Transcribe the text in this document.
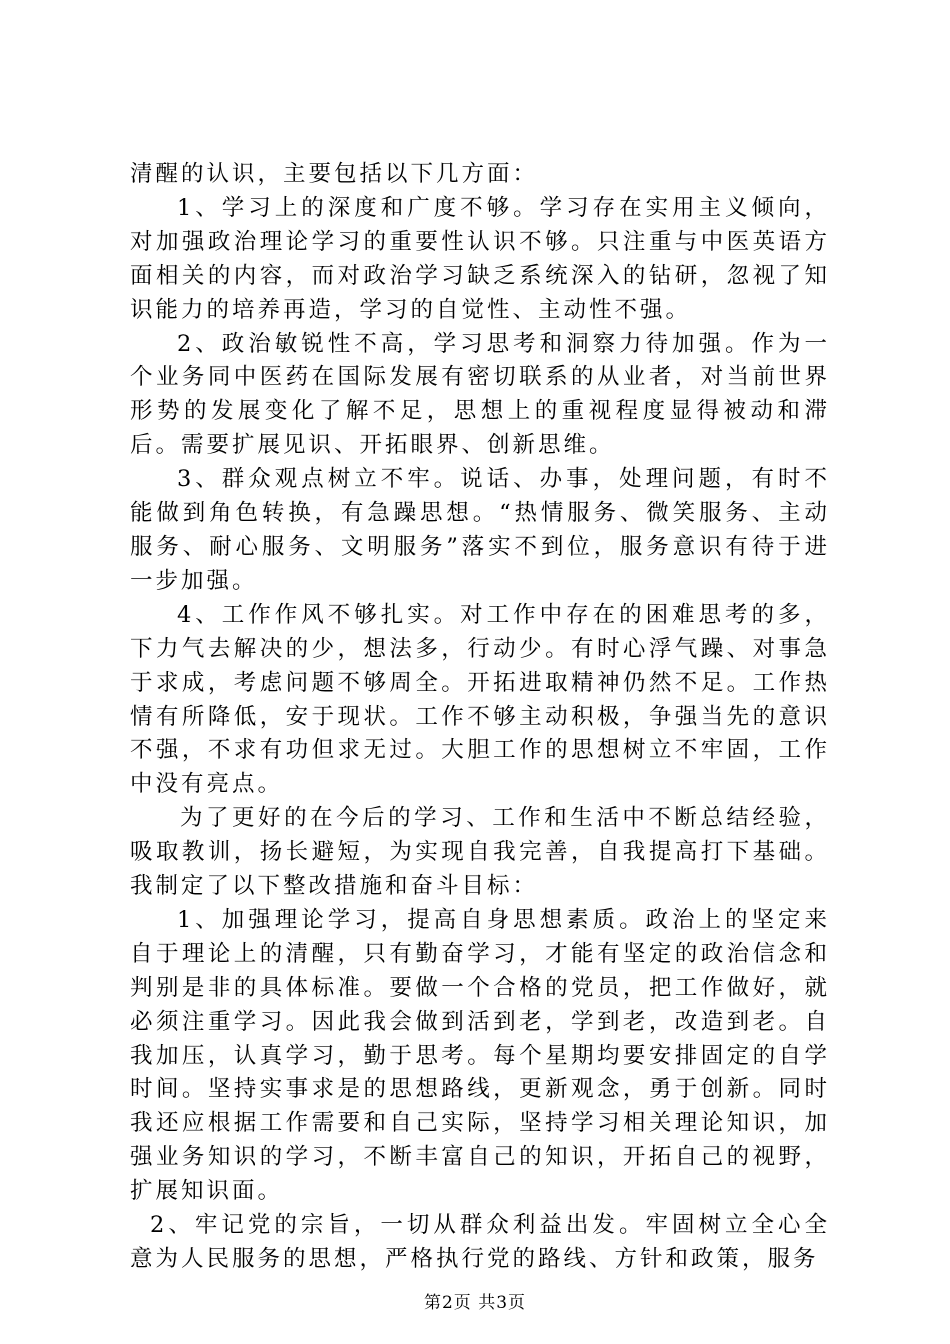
清醒的认识，主要包括以下几方面：

1、学习上的深度和广度不够。学习存在实用主义倾向，对加强政治理论学习的重要性认识不够。只注重与中医英语方面相关的内容，而对政治学习缺乏系统深入的钻研，忽视了知识能力的培养再造，学习的自觉性、主动性不强。

2、政治敏锐性不高，学习思考和洞察力待加强。作为一个业务同中医药在国际发展有密切联系的从业者，对当前世界形势的发展变化了解不足，思想上的重视程度显得被动和滞后。需要扩展见识、开拓眼界、创新思维。

3、群众观点树立不牢。说话、办事，处理问题，有时不能做到角色转换，有急躁思想。“热情服务、微笑服务、主动服务、耐心服务、文明服务”落实不到位，服务意识有待于进一步加强。

4、工作作风不够扎实。对工作中存在的困难思考的多，下力气去解决的少，想法多，行动少。有时心浮气躁、对事急于求成，考虑问题不够周全。开拓进取精神仍然不足。工作热情有所降低，安于现状。工作不够主动积极，争强当先的意识不强，不求有功但求无过。大胆工作的思想树立不牢固，工作中没有亮点。

为了更好的在今后的学习、工作和生活中不断总结经验，吸取教训，扬长避短，为实现自我完善，自我提高打下基础。我制定了以下整改措施和奋斗目标：

1、加强理论学习，提高自身思想素质。政治上的坚定来自于理论上的清醒，只有勤奋学习，才能有坚定的政治信念和判别是非的具体标准。要做一个合格的党员，把工作做好，就必须注重学习。因此我会做到活到老，学到老，改造到老。自我加压，认真学习，勤于思考。每个星期均要安排固定的自学时间。坚持实事求是的思想路线，更新观念，勇于创新。同时我还应根据工作需要和自己实际，坚持学习相关理论知识，加强业务知识的学习，不断丰富自己的知识，开拓自己的视野，扩展知识面。

2、牢记党的宗旨，一切从群众利益出发。牢固树立全心全意为人民服务的思想，严格执行党的路线、方针和政策，服务

第2页 共3页
